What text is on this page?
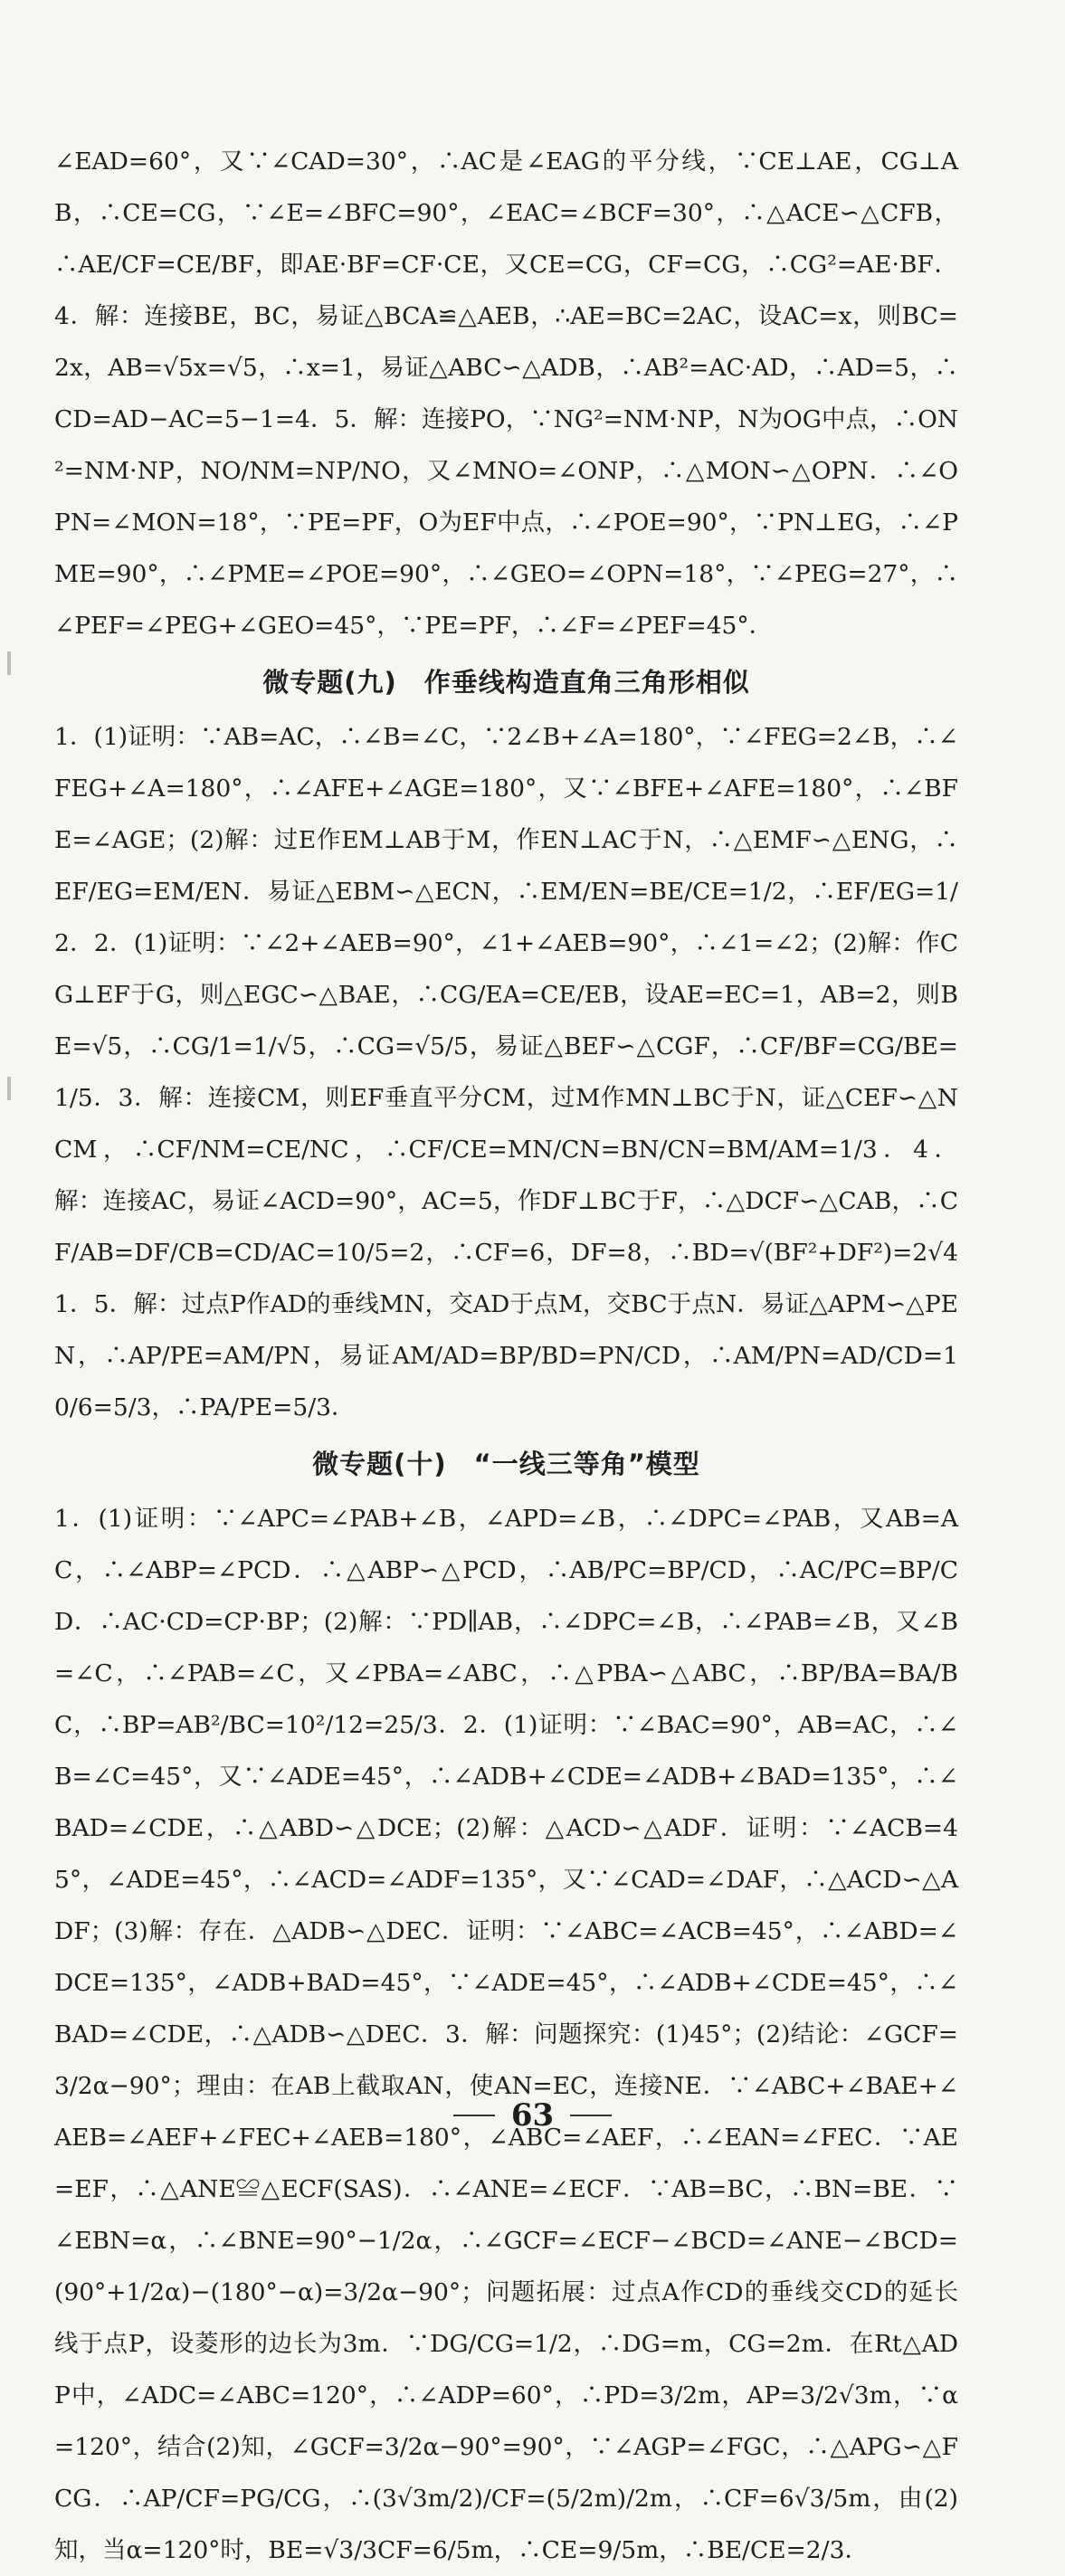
∠EAD=60°，又∵∠CAD=30°，∴AC是∠EAG的平分线，∵CE⊥AE，CG⊥AB，∴CE=CG，∵∠E=∠BFC=90°，∠EAC=∠BCF=30°，∴△ACE∽△CFB，∴AE/CF=CE/BF，即AE·BF=CF·CE，又CE=CG，CF=CG，∴CG²=AE·BF．4．解：连接BE，BC，易证△BCA≌△AEB，∴AE=BC=2AC，设AC=x，则BC=2x，AB=√5x=√5，∴x=1，易证△ABC∽△ADB，∴AB²=AC·AD，∴AD=5，∴CD=AD−AC=5−1=4．5．解：连接PO，∵NG²=NM·NP，N为OG中点，∴ON²=NM·NP，NO/NM=NP/NO，又∠MNO=∠ONP，∴△MON∽△OPN．∴∠OPN=∠MON=18°，∵PE=PF，O为EF中点，∴∠POE=90°，∵PN⊥EG，∴∠PME=90°，∴∠PME=∠POE=90°，∴∠GEO=∠OPN=18°，∵∠PEG=27°，∴∠PEF=∠PEG+∠GEO=45°，∵PE=PF，∴∠F=∠PEF=45°．

微专题(九)　作垂线构造直角三角形相似

1．(1)证明：∵AB=AC，∴∠B=∠C，∵2∠B+∠A=180°，∵∠FEG=2∠B，∴∠FEG+∠A=180°，∴∠AFE+∠AGE=180°，又∵∠BFE+∠AFE=180°，∴∠BFE=∠AGE；(2)解：过E作EM⊥AB于M，作EN⊥AC于N，∴△EMF∽△ENG，∴EF/EG=EM/EN．易证△EBM∽△ECN，∴EM/EN=BE/CE=1/2，∴EF/EG=1/2．2．(1)证明：∵∠2+∠AEB=90°，∠1+∠AEB=90°，∴∠1=∠2；(2)解：作CG⊥EF于G，则△EGC∽△BAE，∴CG/EA=CE/EB，设AE=EC=1，AB=2，则BE=√5，∴CG/1=1/√5，∴CG=√5/5，易证△BEF∽△CGF，∴CF/BF=CG/BE=1/5．3．解：连接CM，则EF垂直平分CM，过M作MN⊥BC于N，证△CEF∽△NCM，∴CF/NM=CE/NC，∴CF/CE=MN/CN=BN/CN=BM/AM=1/3．4．解：连接AC，易证∠ACD=90°，AC=5，作DF⊥BC于F，∴△DCF∽△CAB，∴CF/AB=DF/CB=CD/AC=10/5=2，∴CF=6，DF=8，∴BD=√(BF²+DF²)=2√41．5．解：过点P作AD的垂线MN，交AD于点M，交BC于点N．易证△APM∽△PEN，∴AP/PE=AM/PN，易证AM/AD=BP/BD=PN/CD，∴AM/PN=AD/CD=10/6=5/3，∴PA/PE=5/3．

微专题(十)　“一线三等角”模型

1．(1)证明：∵∠APC=∠PAB+∠B，∠APD=∠B，∴∠DPC=∠PAB，又AB=AC，∴∠ABP=∠PCD．∴△ABP∽△PCD，∴AB/PC=BP/CD，∴AC/PC=BP/CD．∴AC·CD=CP·BP；(2)解：∵PD∥AB，∴∠DPC=∠B，∴∠PAB=∠B，又∠B=∠C，∴∠PAB=∠C，又∠PBA=∠ABC，∴△PBA∽△ABC，∴BP/BA=BA/BC，∴BP=AB²/BC=10²/12=25/3．2．(1)证明：∵∠BAC=90°，AB=AC，∴∠B=∠C=45°，又∵∠ADE=45°，∴∠ADB+∠CDE=∠ADB+∠BAD=135°，∴∠BAD=∠CDE，∴△ABD∽△DCE；(2)解：△ACD∽△ADF．证明：∵∠ACB=45°，∠ADE=45°，∴∠ACD=∠ADF=135°，又∵∠CAD=∠DAF，∴△ACD∽△ADF；(3)解：存在．△ADB∽△DEC．证明：∵∠ABC=∠ACB=45°，∴∠ABD=∠DCE=135°，∠ADB+BAD=45°，∵∠ADE=45°，∴∠ADB+∠CDE=45°，∴∠BAD=∠CDE，∴△ADB∽△DEC．3．解：问题探究：(1)45°；(2)结论：∠GCF=3/2α−90°；理由：在AB上截取AN，使AN=EC，连接NE．∵∠ABC+∠BAE+∠AEB=∠AEF+∠FEC+∠AEB=180°，∠ABC=∠AEF，∴∠EAN=∠FEC．∵AE=EF，∴△ANE≌△ECF(SAS)．∴∠ANE=∠ECF．∵AB=BC，∴BN=BE．∵∠EBN=α，∴∠BNE=90°−1/2α，∴∠GCF=∠ECF−∠BCD=∠ANE−∠BCD=(90°+1/2α)−(180°−α)=3/2α−90°；问题拓展：过点A作CD的垂线交CD的延长线于点P，设菱形的边长为3m．∵DG/CG=1/2，∴DG=m，CG=2m．在Rt△ADP中，∠ADC=∠ABC=120°，∴∠ADP=60°，∴PD=3/2m，AP=3/2√3m，∵α=120°，结合(2)知，∠GCF=3/2α−90°=90°，∵∠AGP=∠FGC，∴△APG∽△FCG．∴AP/CF=PG/CG，∴(3√3m/2)/CF=(5/2m)/2m，∴CF=6√3/5m，由(2)知，当α=120°时，BE=√3/3CF=6/5m，∴CE=9/5m，∴BE/CE=2/3．

63
